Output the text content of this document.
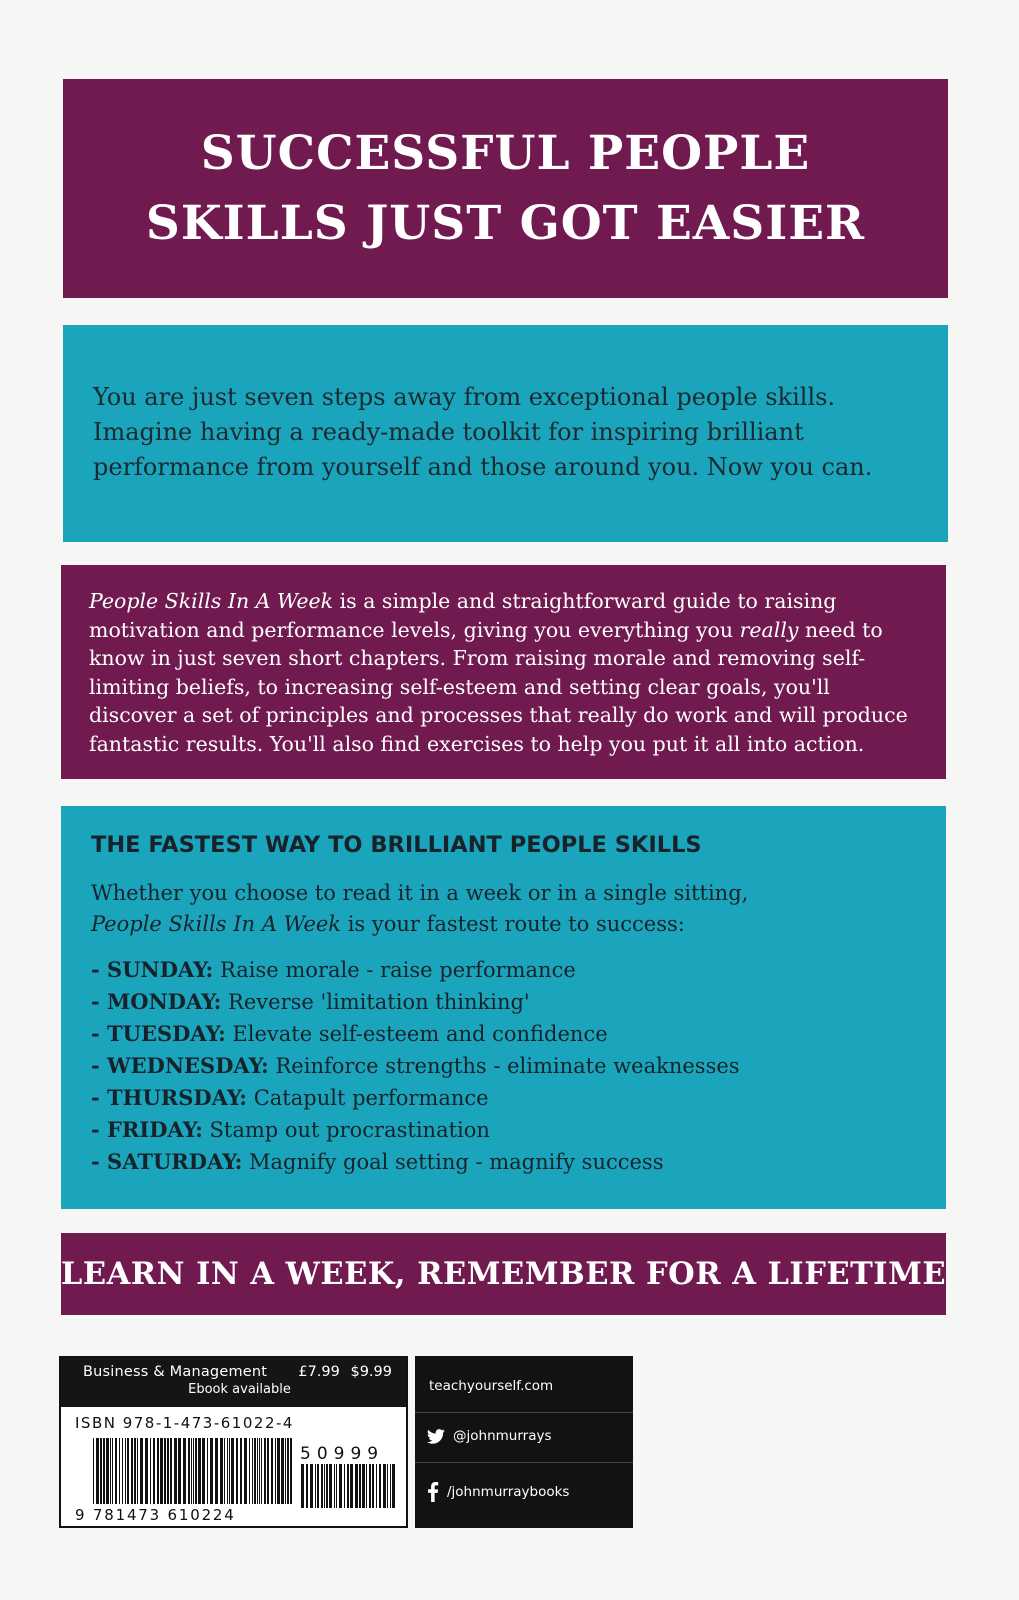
SUCCESSFUL PEOPLE
SKILLS JUST GOT EASIER

You are just seven steps away from exceptional people skills. Imagine having a ready-made toolkit for inspiring brilliant performance from yourself and those around you. Now you can.

People Skills In A Week is a simple and straightforward guide to raising motivation and performance levels, giving you everything you really need to know in just seven short chapters. From raising morale and removing self-limiting beliefs, to increasing self-esteem and setting clear goals, you'll discover a set of principles and processes that really do work and will produce fantastic results. You'll also find exercises to help you put it all into action.

THE FASTEST WAY TO BRILLIANT PEOPLE SKILLS

Whether you choose to read it in a week or in a single sitting,
People Skills In A Week is your fastest route to success:

- SUNDAY: Raise morale - raise performance
- MONDAY: Reverse 'limitation thinking'
- TUESDAY: Elevate self-esteem and confidence
- WEDNESDAY: Reinforce strengths - eliminate weaknesses
- THURSDAY: Catapult performance
- FRIDAY: Stamp out procrastination
- SATURDAY: Magnify goal setting - magnify success
LEARN IN A WEEK, REMEMBER FOR A LIFETIME
Business & Management	£7.99 $9.99
Ebook available
ISBN 978-1-473-61022-4
50999
9 781473 610224
teachyourself.com
@johnmurrays
/johnmurraybooks
